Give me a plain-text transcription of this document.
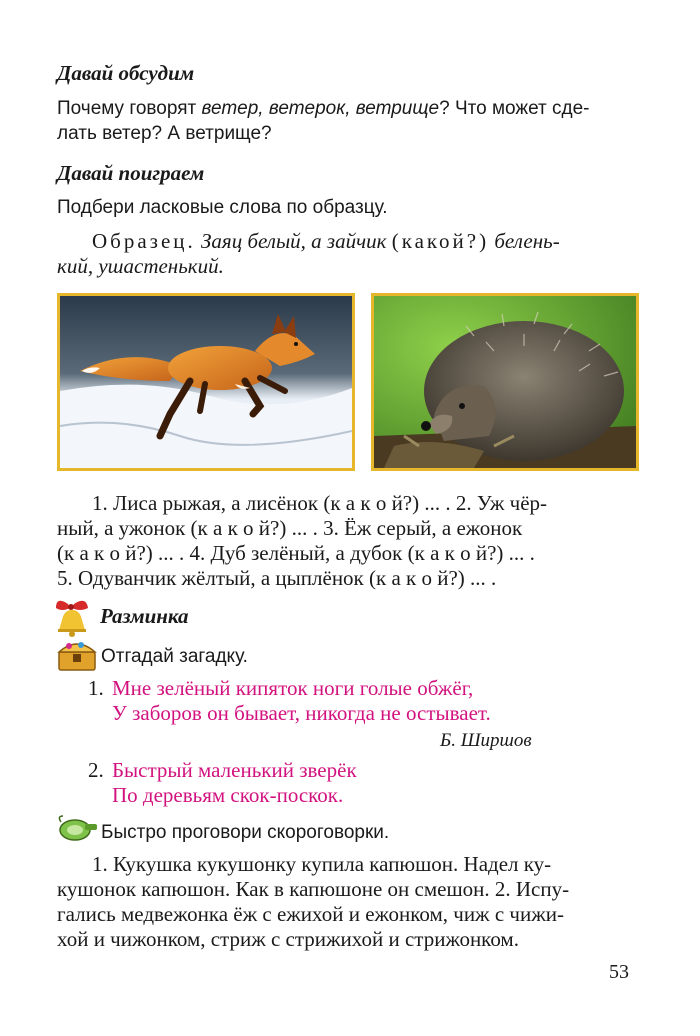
Давай обсудим
Почему говорят ветер, ветерок, ветрище? Что может сде-
лать ветер? А ветрище?
Давай поиграем
Подбери ласковые слова по образцу.
Образец. Заяц белый, а зайчик (какой?) белень-
кий, ушастенький.
1. Лиса рыжая, а лисёнок (к а к о й?) ... . 2. Уж чёр-
ный, а ужонок (к а к о й?) ... . 3. Ёж серый, а ежонок
(к а к о й?) ... . 4. Дуб зелёный, а дубок (к а к о й?) ... .
5. Одуванчик жёлтый, а цыплёнок (к а к о й?) ... .
Разминка
Отгадай загадку.
1. Мне зелёный кипяток ноги голые обжёг,
У заборов он бывает, никогда не остывает.
Б. Ширшов
2. Быстрый маленький зверёк
По деревьям скок-поскок.
Быстро проговори скороговорки.
1. Кукушка кукушонку купила капюшон. Надел ку-
кушонок капюшон. Как в капюшоне он смешон. 2. Испу-
гались медвежонка ёж с ежихой и ежонком, чиж с чижи-
хой и чижонком, стриж с стрижихой и стрижонком.
53
